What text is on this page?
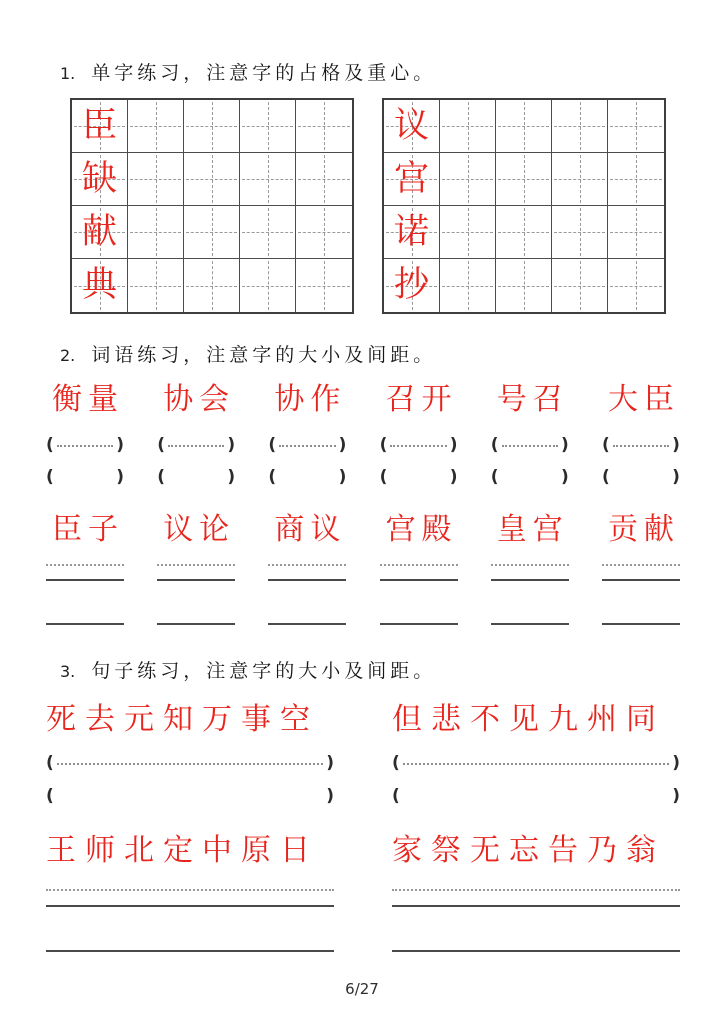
1. 单字练习，注意字的占格及重心。
臣
缺
献
典
议
宫
诺
抄
2. 词语练习，注意字的大小及间距。
衡量
(	)
(	)
协会
(	)
(	)
协作
(	)
(	)
召开
(	)
(	)
号召
(	)
(	)
大臣
(	)
(	)
臣子 议论 商议 宫殿 皇宫 贡献
3. 句子练习，注意字的大小及间距。
死去元知万事空
(	)
(	)
但悲不见九州同
(	)
(	)
王师北定中原日	家祭无忘告乃翁
6/27
